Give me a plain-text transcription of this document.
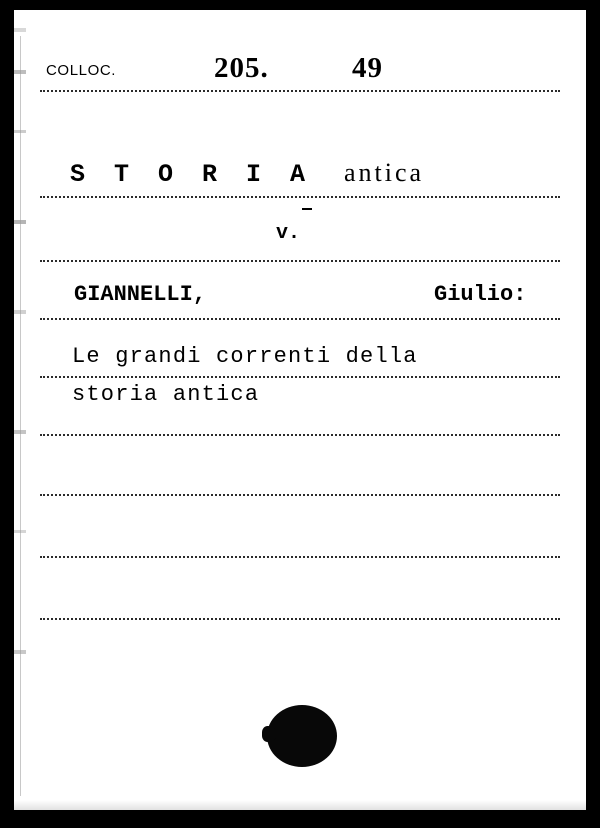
COLLOC.	205.	49
S T O R I A antica
v.
GIANNELLI,	Giulio:
Le grandi correnti della
storia antica
